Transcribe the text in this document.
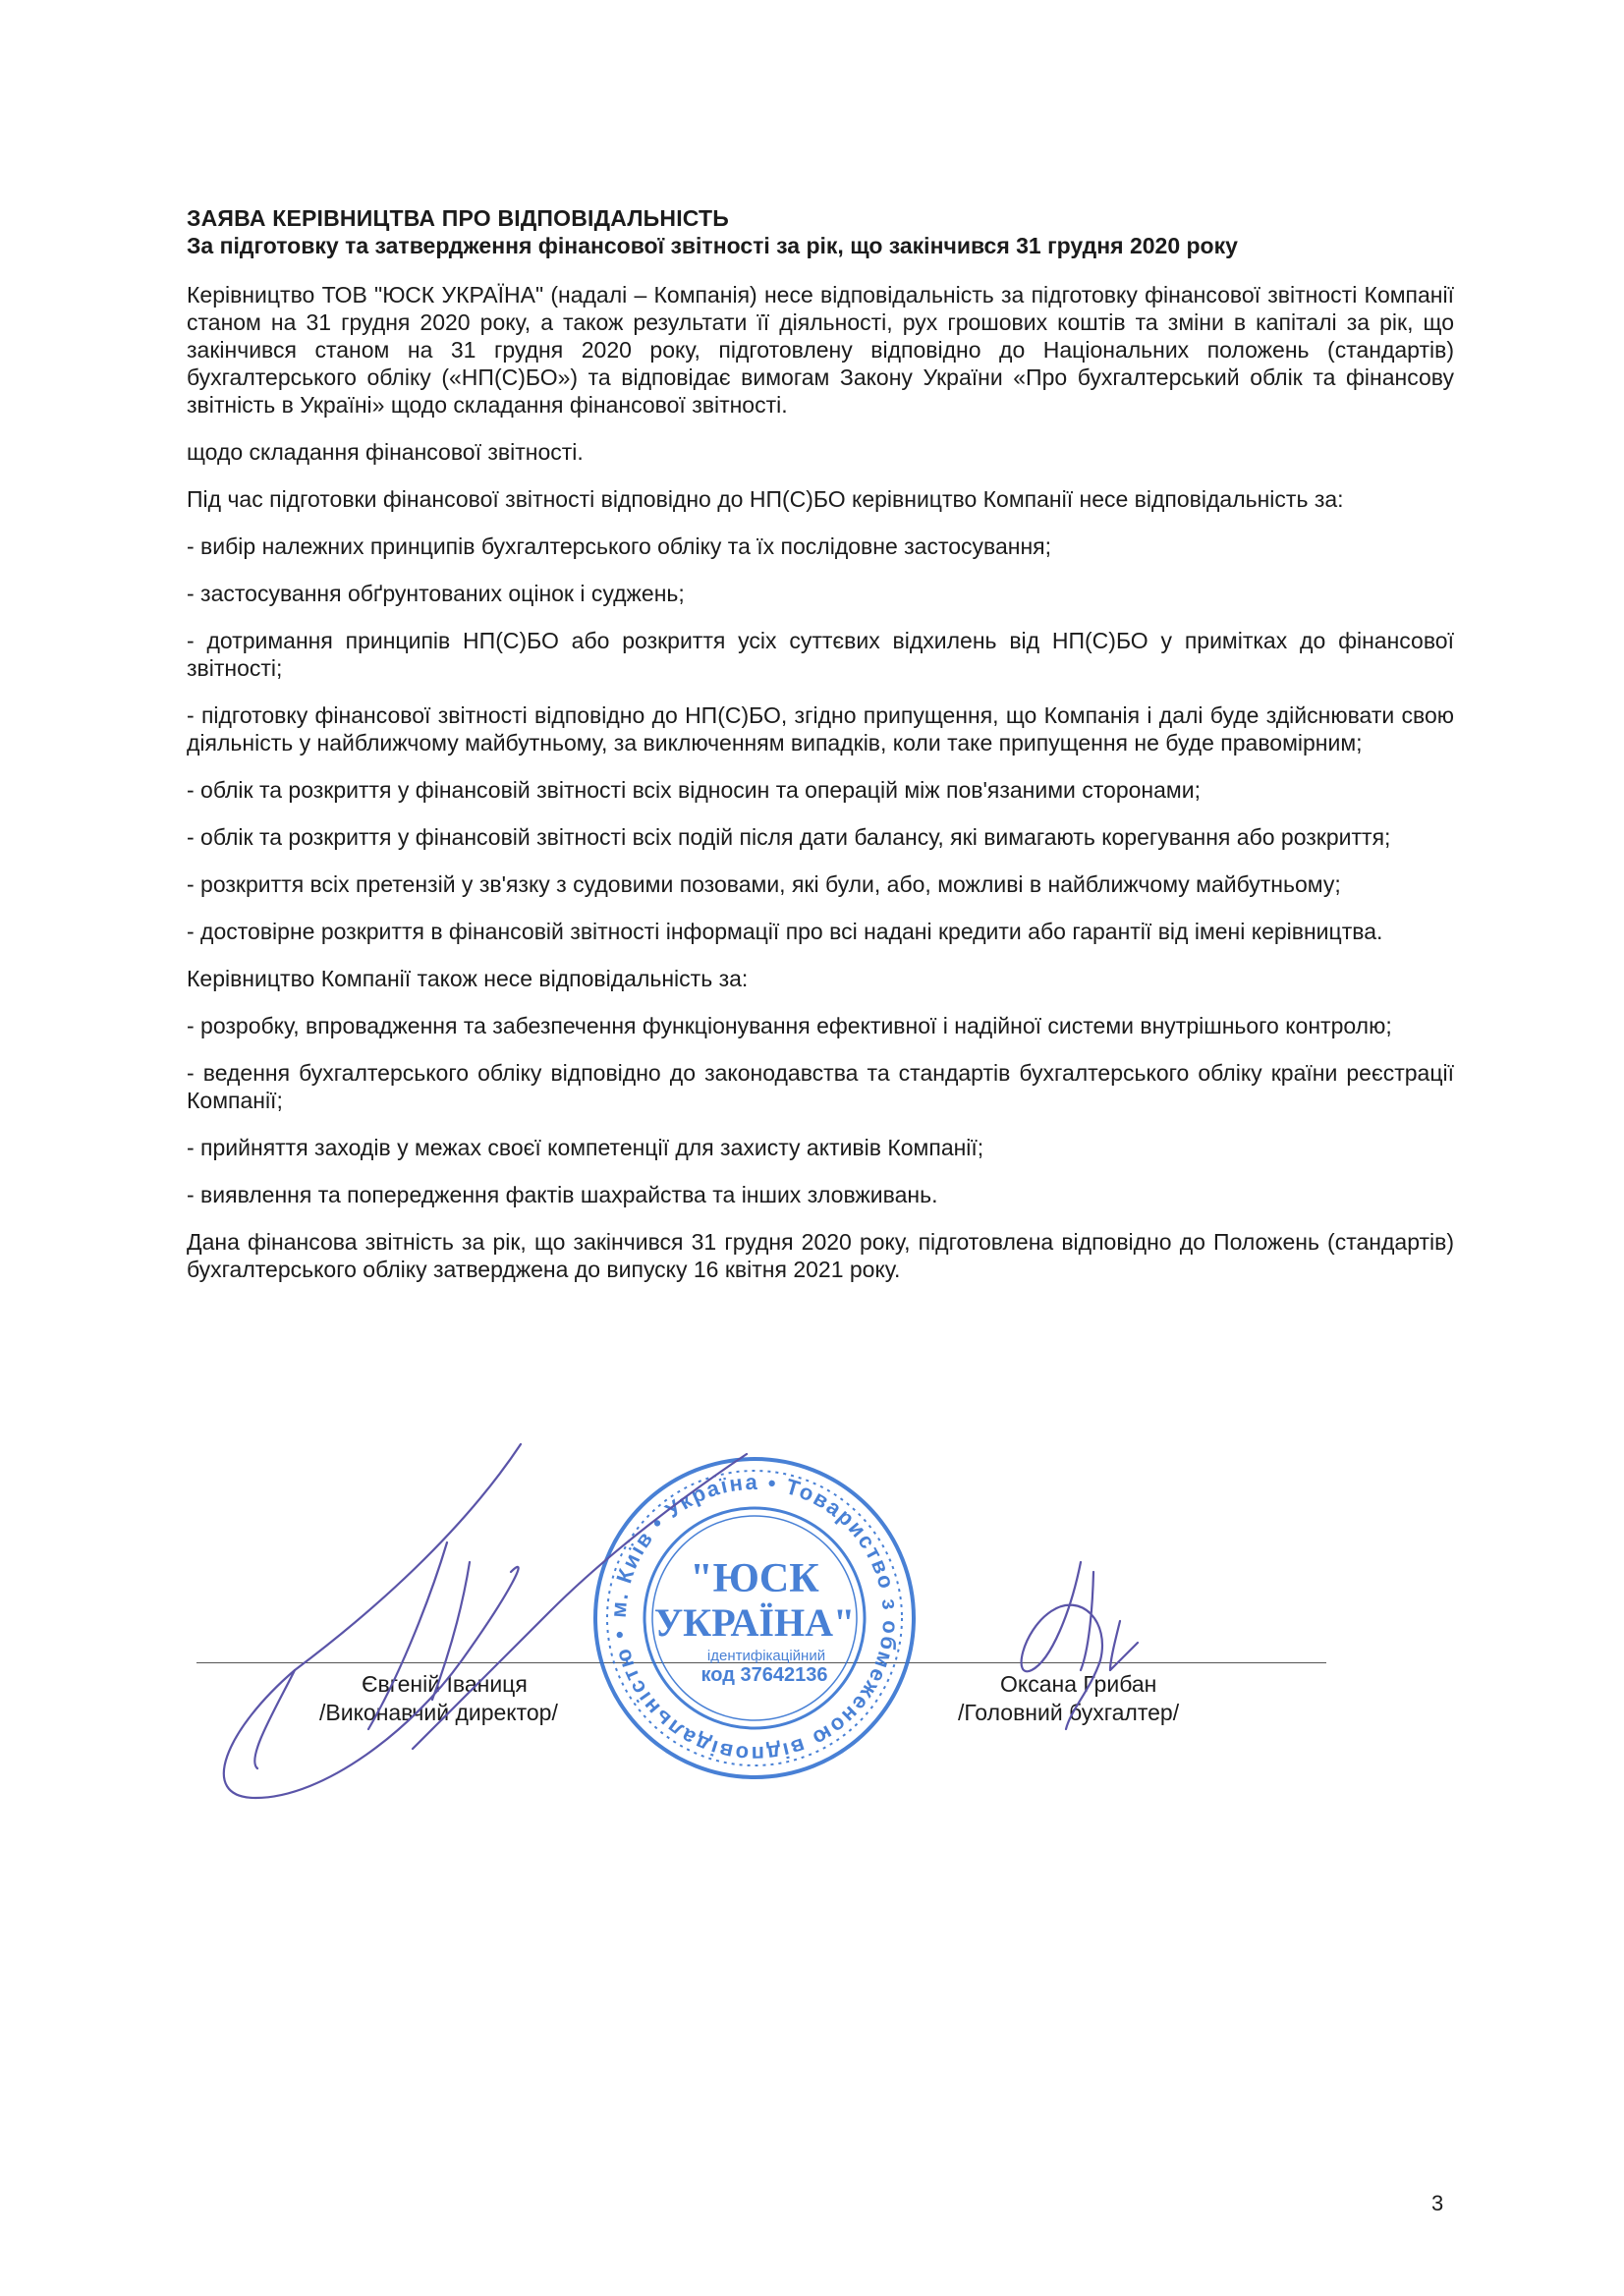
ЗАЯВА КЕРІВНИЦТВА ПРО ВІДПОВІДАЛЬНІСТЬ

За підготовку та затвердження фінансової звітності за рік, що закінчився 31 грудня 2020 року

Керівництво ТОВ "ЮСК УКРАЇНА" (надалі – Компанія) несе відповідальність за підготовку фінансової звітності Компанії станом на 31 грудня 2020 року, а також результати її діяльності, рух грошових коштів та зміни в капіталі за рік, що закінчився станом на 31 грудня 2020 року, підготовлену відповідно до Національних положень (стандартів) бухгалтерського обліку («НП(С)БО») та відповідає вимогам Закону України «Про бухгалтерський облік та фінансову звітність в Україні» щодо складання фінансової звітності.

щодо складання фінансової звітності.

Під час підготовки фінансової звітності відповідно до НП(С)БО керівництво Компанії несе відповідальність за:

- вибір належних принципів бухгалтерського обліку та їх послідовне застосування;

- застосування обґрунтованих оцінок і суджень;

- дотримання принципів НП(С)БО або розкриття усіх суттєвих відхилень від НП(С)БО у примітках до фінансової звітності;

- підготовку фінансової звітності відповідно до НП(С)БО, згідно припущення, що Компанія і далі буде здійснювати свою діяльність у найближчому майбутньому, за виключенням випадків, коли таке припущення не буде правомірним;

- облік та розкриття у фінансовій звітності всіх відносин та операцій між пов'язаними сторонами;

- облік та розкриття у фінансовій звітності всіх подій після дати балансу, які вимагають корегування або розкриття;

- розкриття всіх претензій у зв'язку з судовими позовами, які були, або, можливі в найближчому майбутньому;

- достовірне розкриття в фінансовій звітності інформації про всі надані кредити або гарантії від імені керівництва.

Керівництво Компанії також несе відповідальність за:

- розробку, впровадження та забезпечення функціонування ефективної і надійної системи внутрішнього контролю;

- ведення бухгалтерського обліку відповідно до законодавства та стандартів бухгалтерського обліку країни реєстрації Компанії;

- прийняття заходів у межах своєї компетенції для захисту активів Компанії;

- виявлення та попередження фактів шахрайства та інших зловживань.

Дана фінансова звітність за рік, що закінчився 31 грудня 2020 року, підготовлена відповідно до Положень (стандартів) бухгалтерського обліку затверджена до випуску 16 квітня 2021 року.

Євгеній Іваниця
/Виконавчий директор/
Оксана Грибан
/Головний бухгалтер/
м. Київ • Україна • Товариство з обмеженою відповідальністю •
"ЮСК
УКРАЇНА"
ідентифікаційний
код 37642136
3
